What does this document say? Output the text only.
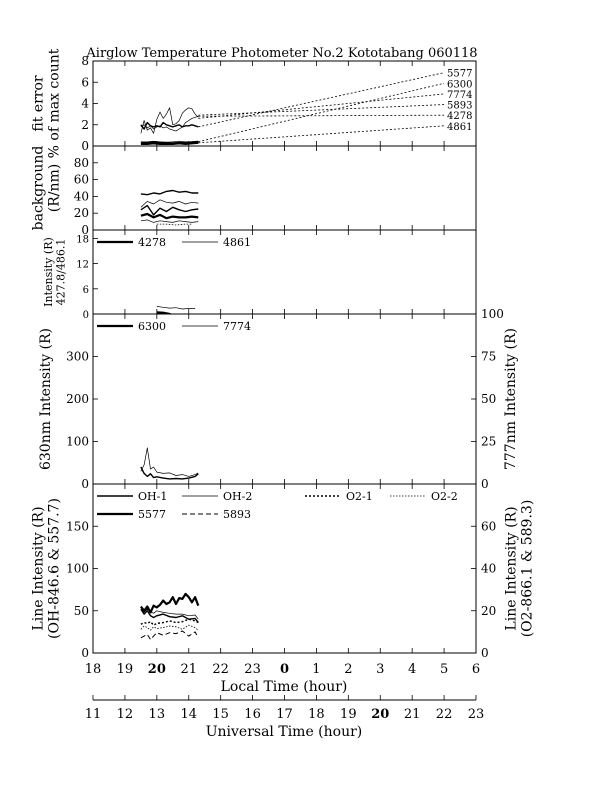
Airglow Temperature Photometer No.2 Kototabang 060118
0
2
4
6
8
fit error% of max count	5577
6300
7774
5893
4278
4861
0
20
40
60
80
background(R/nm)
0
6
12
18
Intensity (R)427.8/486.1	4278	4861
0
100
200
300
0
25
50
75
100
630nm Intensity (R)	777nm Intensity (R)
6300	7774
0
50
100
150
0
20
40
60
Line Intensity (R)(OH-846.6 & 557.7)	Line Intensity (R)(O2-866.1 & 589.3)
OH-1	OH-2	O2-1	O2-2
5577	5893
18 19 20 21 22 23 0 1 2 3 4 5 6
Local Time (hour)
11 12 13 14 15 16 17 18 19 20 21 22 23
Universal Time (hour)
